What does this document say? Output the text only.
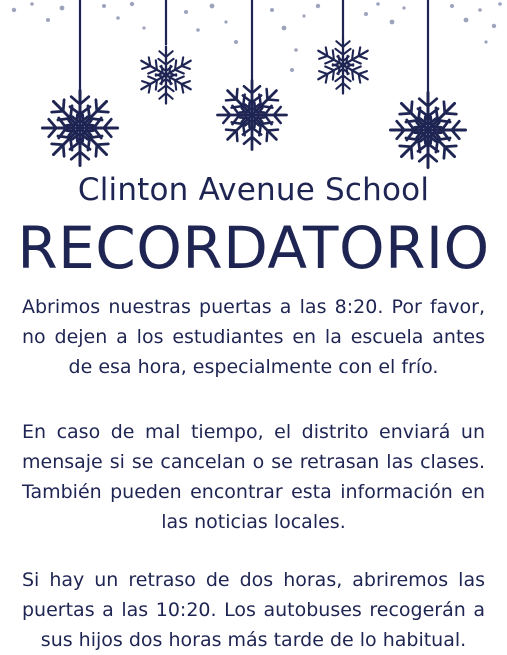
Clinton Avenue School
RECORDATORIO

Abrimos nuestras puertas a las 8:20. Por favor, no dejen a los estudiantes en la escuela antes de esa hora, especialmente con el frío.

En caso de mal tiempo, el distrito enviará un mensaje si se cancelan o se retrasan las clases. También pueden encontrar esta información en las noticias locales.

Si hay un retraso de dos horas, abriremos las puertas a las 10:20. Los autobuses recogerán a sus hijos dos horas más tarde de lo habitual.
